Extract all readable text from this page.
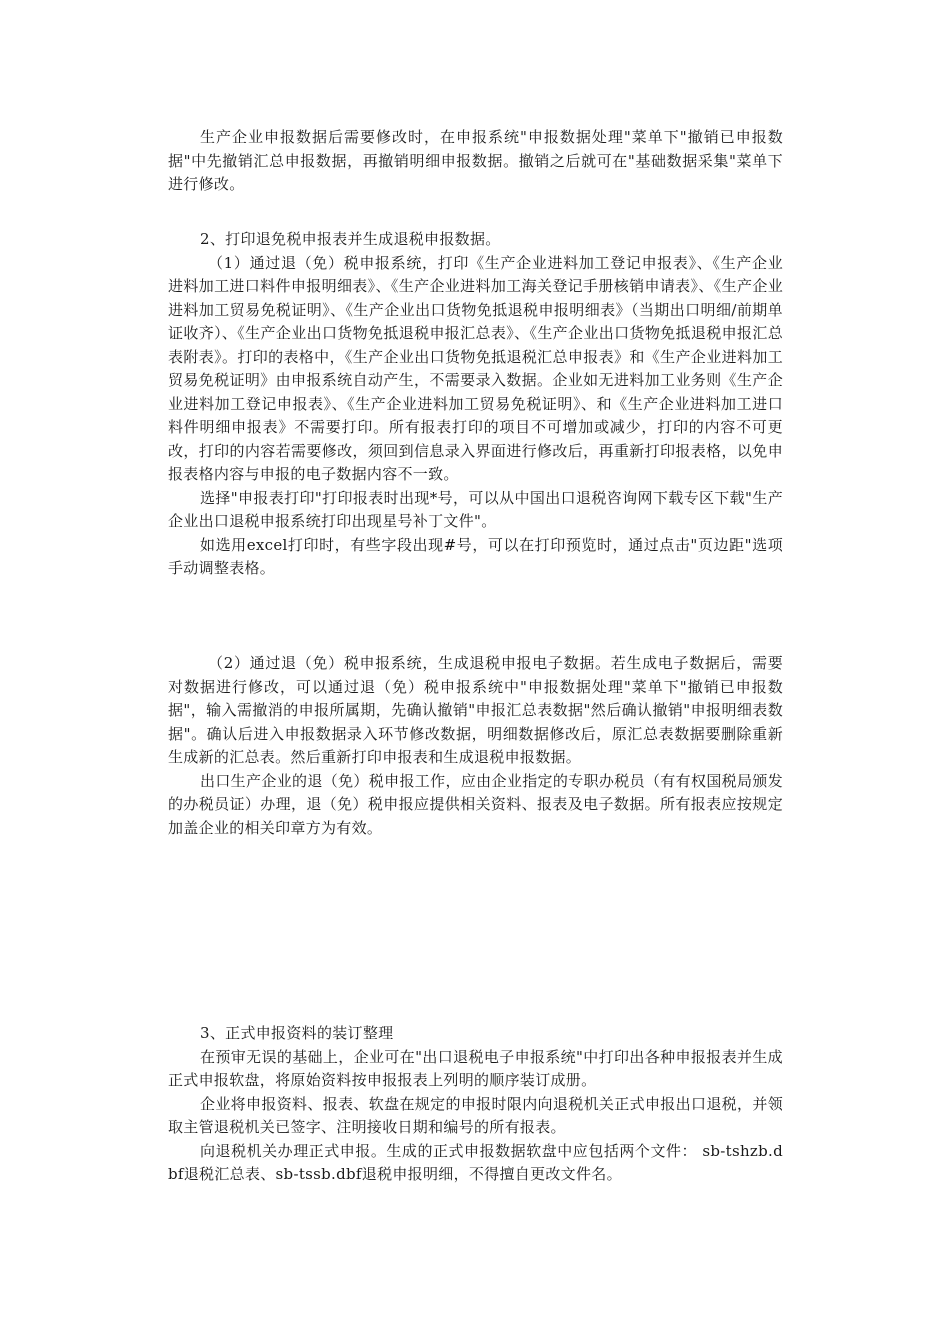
生产企业申报数据后需要修改时，在申报系统"申报数据处理"菜单下"撤销已申报数据"中先撤销汇总申报数据，再撤销明细申报数据。撤销之后就可在"基础数据采集"菜单下进行修改。

2、打印退免税申报表并生成退税申报数据。

（1）通过退（免）税申报系统，打印《生产企业进料加工登记申报表》、《生产企业进料加工进口料件申报明细表》、《生产企业进料加工海关登记手册核销申请表》、《生产企业进料加工贸易免税证明》、《生产企业出口货物免抵退税申报明细表》（当期出口明细/前期单证收齐）、《生产企业出口货物免抵退税申报汇总表》、《生产企业出口货物免抵退税申报汇总表附表》。打印的表格中，《生产企业出口货物免抵退税汇总申报表》和《生产企业进料加工贸易免税证明》由申报系统自动产生，不需要录入数据。企业如无进料加工业务则《生产企业进料加工登记申报表》、《生产企业进料加工贸易免税证明》、和《生产企业进料加工进口料件明细申报表》不需要打印。所有报表打印的项目不可增加或减少，打印的内容不可更改，打印的内容若需要修改，须回到信息录入界面进行修改后，再重新打印报表格，以免申报表格内容与申报的电子数据内容不一致。

选择"申报表打印"打印报表时出现*号，可以从中国出口退税咨询网下载专区下载"生产企业出口退税申报系统打印出现星号补丁文件"。

如选用excel打印时，有些字段出现#号，可以在打印预览时，通过点击"页边距"选项手动调整表格。

（2）通过退（免）税申报系统，生成退税申报电子数据。若生成电子数据后，需要对数据进行修改，可以通过退（免）税申报系统中"申报数据处理"菜单下"撤销已申报数据"，输入需撤消的申报所属期，先确认撤销"申报汇总表数据"然后确认撤销"申报明细表数据"。确认后进入申报数据录入环节修改数据，明细数据修改后，原汇总表数据要删除重新生成新的汇总表。然后重新打印申报表和生成退税申报数据。

出口生产企业的退（免）税申报工作，应由企业指定的专职办税员（有有权国税局颁发的办税员证）办理，退（免）税申报应提供相关资料、报表及电子数据。所有报表应按规定加盖企业的相关印章方为有效。

3、正式申报资料的装订整理

在预审无误的基础上，企业可在"出口退税电子申报系统"中打印出各种申报报表并生成正式申报软盘，将原始资料按申报报表上列明的顺序装订成册。

企业将申报资料、报表、软盘在规定的申报时限内向退税机关正式申报出口退税，并领取主管退税机关已签字、注明接收日期和编号的所有报表。

向退税机关办理正式申报。生成的正式申报数据软盘中应包括两个文件： sb-tshzb.dbf退税汇总表、sb-tssb.dbf退税申报明细，不得擅自更改文件名。
